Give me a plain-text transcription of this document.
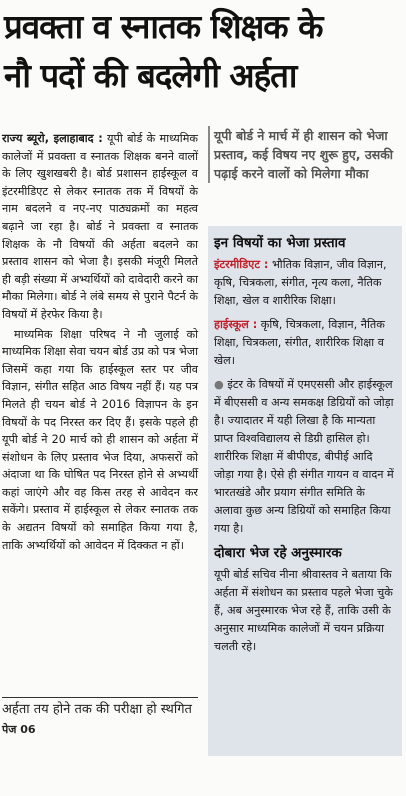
प्रवक्ता व स्नातक शिक्षक के
नौ पदों की बदलेगी अर्हता

राज्य ब्यूरो, इलाहाबाद : यूपी बोर्ड के माध्यमिक कालेजों में प्रवक्ता व स्नातक शिक्षक बनने वालों के लिए खुशखबरी है। बोर्ड प्रशासन हाईस्कूल व इंटरमीडिएट से लेकर स्नातक तक में विषयों के नाम बदलने व नए-नए पाठ्यक्रमों का महत्व बढ़ाने जा रहा है। बोर्ड ने प्रवक्ता व स्नातक शिक्षक के नौ विषयों की अर्हता बदलने का प्रस्ताव शासन को भेजा है। इसकी मंजूरी मिलते ही बड़ी संख्या में अभ्यर्थियों को दावेदारी करने का मौका मिलेगा। बोर्ड ने लंबे समय से पुराने पैटर्न के विषयों में हेरफेर किया है।

माध्यमिक शिक्षा परिषद ने नौ जुलाई को माध्यमिक शिक्षा सेवा चयन बोर्ड उप्र को पत्र भेजा जिसमें कहा गया कि हाईस्कूल स्तर पर जीव विज्ञान, संगीत सहित आठ विषय नहीं हैं। यह पत्र मिलते ही चयन बोर्ड ने 2016 विज्ञापन के इन विषयों के पद निरस्त कर दिए हैं। इसके पहले ही यूपी बोर्ड ने 20 मार्च को ही शासन को अर्हता में संशोधन के लिए प्रस्ताव भेज दिया, अफसरों को अंदाजा था कि घोषित पद निरस्त होने से अभ्यर्थी कहां जाएंगे और वह किस तरह से आवेदन कर सकेंगे। प्रस्ताव में हाईस्कूल से लेकर स्नातक तक के अद्यतन विषयों को समाहित किया गया है, ताकि अभ्यर्थियों को आवेदन में दिक्कत न हों।

अर्हता तय होने तक की परीक्षा हो स्थगित पेज 06
यूपी बोर्ड ने मार्च में ही शासन को भेजा प्रस्ताव, कई विषय नए शुरू हुए, उसकी पढ़ाई करने वालों को मिलेगा मौका
इन विषयों का भेजा प्रस्ताव

इंटरमीडिएट : भौतिक विज्ञान, जीव विज्ञान, कृषि, चित्रकला, संगीत, नृत्य कला, नैतिक शिक्षा, खेल व शारीरिक शिक्षा।

हाईस्कूल : कृषि, चित्रकला, विज्ञान, नैतिक शिक्षा, चित्रकला, संगीत, शारीरिक शिक्षा व खेल।

● इंटर के विषयों में एमएससी और हाईस्कूल में बीएससी व अन्य समकक्ष डिग्रियों को जोड़ा है। ज्यादातर में यही लिखा है कि मान्यता प्राप्त विश्वविद्यालय से डिग्री हासिल हो। शारीरिक शिक्षा में बीपीएड, बीपीई आदि जोड़ा गया है। ऐसे ही संगीत गायन व वादन में भारतखंडे और प्रयाग संगीत समिति के अलावा कुछ अन्य डिग्रियों को समाहित किया गया है।

दोबारा भेज रहे अनुस्मारक

यूपी बोर्ड सचिव नीना श्रीवास्तव ने बताया कि अर्हता में संशोधन का प्रस्ताव पहले भेजा चुके हैं, अब अनुस्मारक भेज रहे हैं, ताकि उसी के अनुसार माध्यमिक कालेजों में चयन प्रक्रिया चलती रहे।
